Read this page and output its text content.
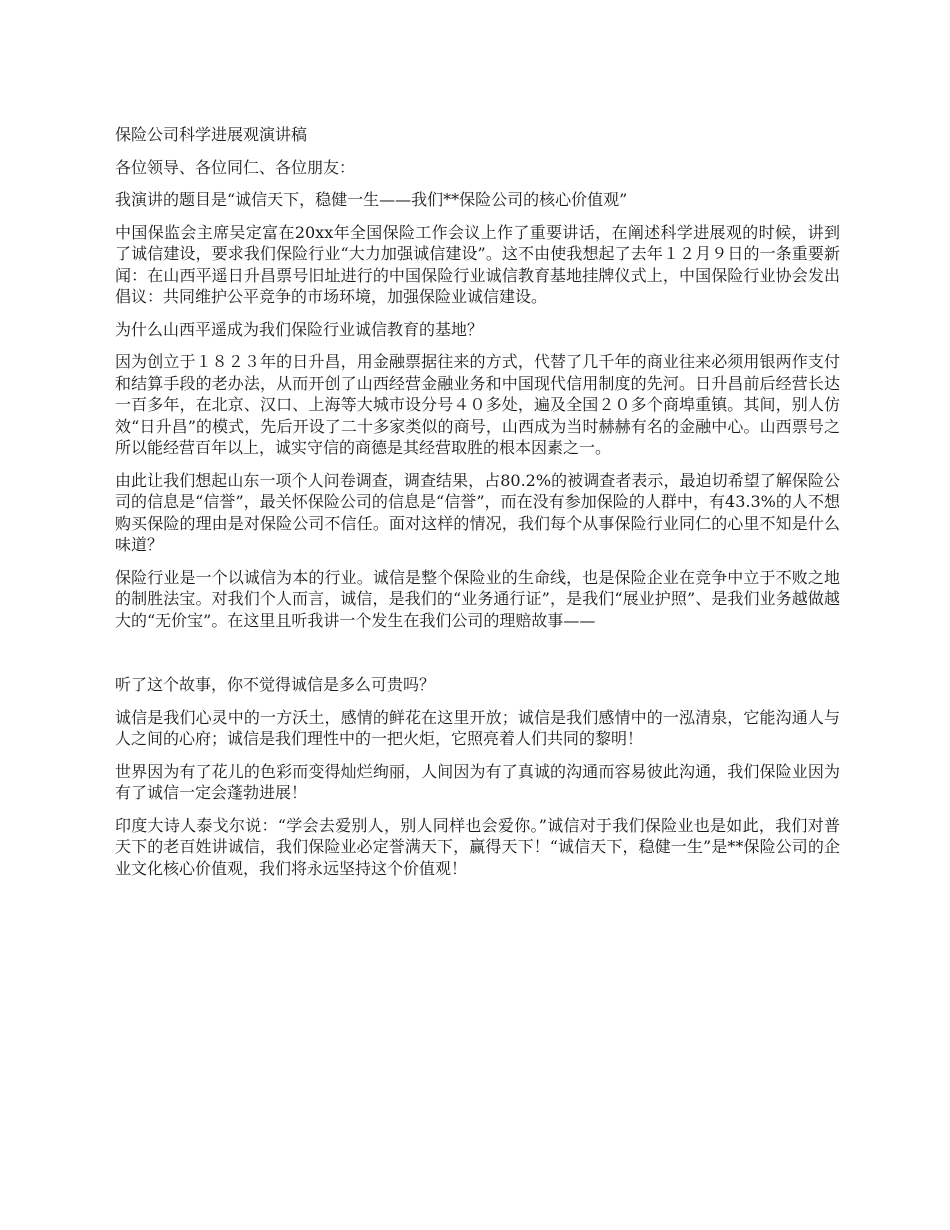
保险公司科学进展观演讲稿

各位领导、各位同仁、各位朋友：

我演讲的题目是“诚信天下，稳健一生——我们**保险公司的核心价值观”

中国保监会主席吴定富在20xx年全国保险工作会议上作了重要讲话，在阐述科学进展观的时候，讲到了诚信建设，要求我们保险行业“大力加强诚信建设”。这不由使我想起了去年１２月９日的一条重要新闻：在山西平遥日升昌票号旧址进行的中国保险行业诚信教育基地挂牌仪式上，中国保险行业协会发出倡议：共同维护公平竞争的市场环境，加强保险业诚信建设。

为什么山西平遥成为我们保险行业诚信教育的基地？

因为创立于１８２３年的日升昌，用金融票据往来的方式，代替了几千年的商业往来必须用银两作支付和结算手段的老办法，从而开创了山西经营金融业务和中国现代信用制度的先河。日升昌前后经营长达一百多年，在北京、汉口、上海等大城市设分号４０多处，遍及全国２０多个商埠重镇。其间，别人仿效“日升昌”的模式，先后开设了二十多家类似的商号，山西成为当时赫赫有名的金融中心。山西票号之所以能经营百年以上，诚实守信的商德是其经营取胜的根本因素之一。

由此让我们想起山东一项个人问卷调查，调查结果，占80.2%的被调查者表示，最迫切希望了解保险公司的信息是“信誉”，最关怀保险公司的信息是“信誉”，而在没有参加保险的人群中，有43.3%的人不想购买保险的理由是对保险公司不信任。面对这样的情况，我们每个从事保险行业同仁的心里不知是什么味道？

保险行业是一个以诚信为本的行业。诚信是整个保险业的生命线，也是保险企业在竞争中立于不败之地的制胜法宝。对我们个人而言，诚信，是我们的“业务通行证”，是我们“展业护照”、是我们业务越做越大的“无价宝”。在这里且听我讲一个发生在我们公司的理赔故事——

听了这个故事，你不觉得诚信是多么可贵吗？

诚信是我们心灵中的一方沃土，感情的鲜花在这里开放；诚信是我们感情中的一泓清泉，它能沟通人与人之间的心府；诚信是我们理性中的一把火炬，它照亮着人们共同的黎明！

世界因为有了花儿的色彩而变得灿烂绚丽，人间因为有了真诚的沟通而容易彼此沟通，我们保险业因为有了诚信一定会蓬勃进展！

印度大诗人泰戈尔说：“学会去爱别人，别人同样也会爱你。”诚信对于我们保险业也是如此，我们对普天下的老百姓讲诚信，我们保险业必定誉满天下，赢得天下！“诚信天下，稳健一生”是**保险公司的企业文化核心价值观，我们将永远坚持这个价值观！
